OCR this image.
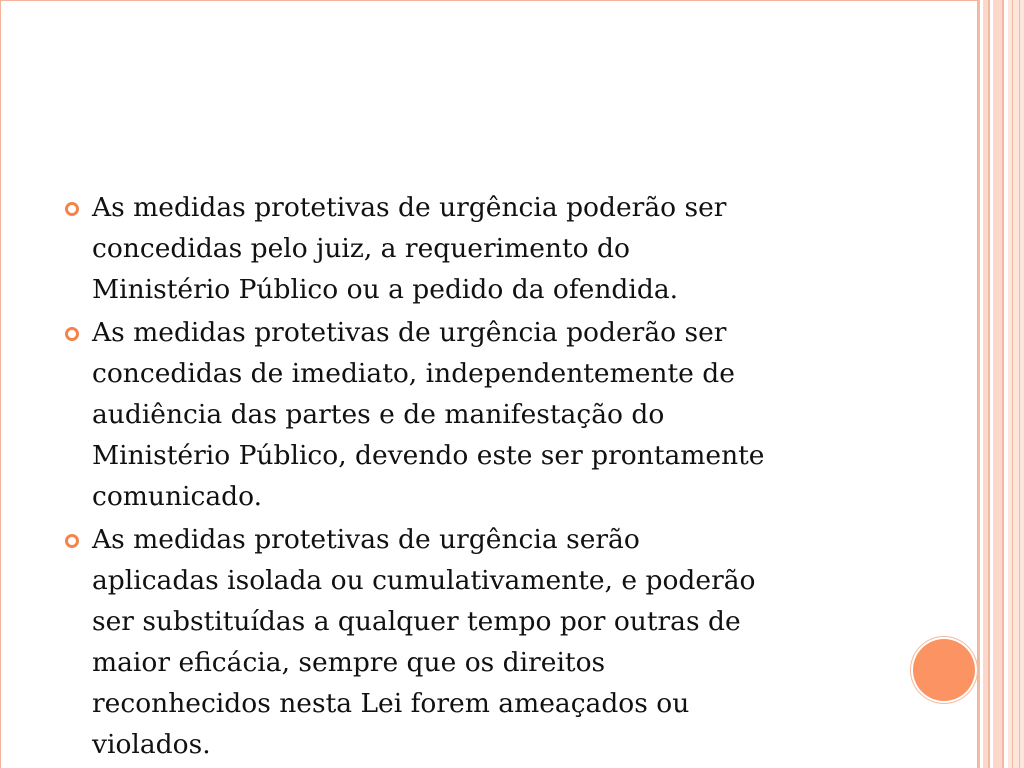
As medidas protetivas de urgência poderão ser
concedidas pelo juiz, a requerimento do
Ministério Público ou a pedido da ofendida.
As medidas protetivas de urgência poderão ser
concedidas de imediato, independentemente de
audiência das partes e de manifestação do
Ministério Público, devendo este ser prontamente
comunicado.
As medidas protetivas de urgência serão
aplicadas isolada ou cumulativamente, e poderão
ser substituídas a qualquer tempo por outras de
maior eficácia, sempre que os direitos
reconhecidos nesta Lei forem ameaçados ou
violados.
